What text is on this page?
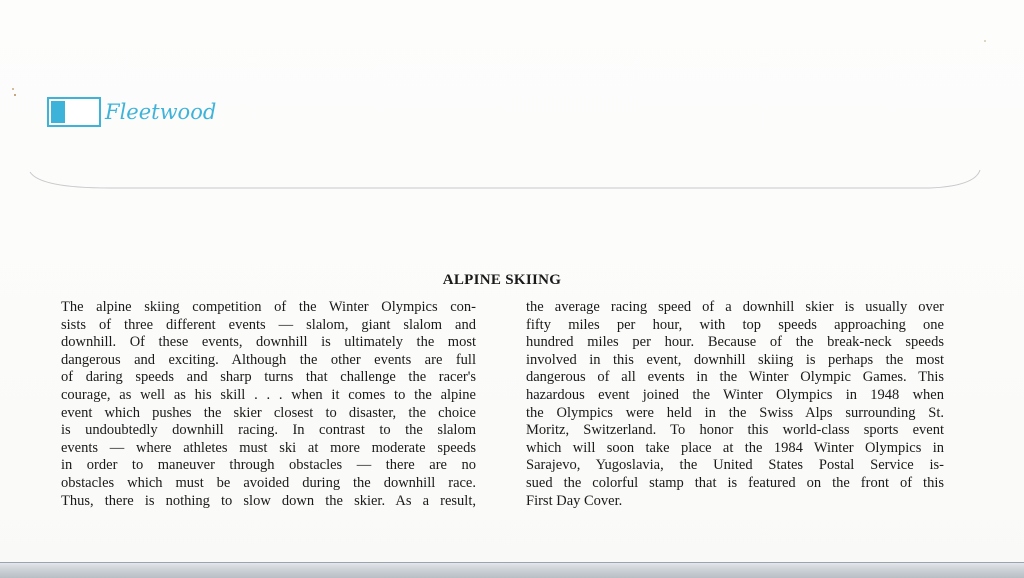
Fleetwood
ALPINE SKIING
The alpine skiing competition of the Winter Olympics con-
sists of three different events — slalom, giant slalom and
downhill. Of these events, downhill is ultimately the most
dangerous and exciting. Although the other events are full
of daring speeds and sharp turns that challenge the racer's
courage, as well as his skill . . . when it comes to the alpine
event which pushes the skier closest to disaster, the choice
is undoubtedly downhill racing. In contrast to the slalom
events — where athletes must ski at more moderate speeds
in order to maneuver through obstacles — there are no
obstacles which must be avoided during the downhill race.
Thus, there is nothing to slow down the skier. As a result,
the average racing speed of a downhill skier is usually over
fifty miles per hour, with top speeds approaching one
hundred miles per hour. Because of the break-neck speeds
involved in this event, downhill skiing is perhaps the most
dangerous of all events in the Winter Olympic Games. This
hazardous event joined the Winter Olympics in 1948 when
the Olympics were held in the Swiss Alps surrounding St.
Moritz, Switzerland. To honor this world-class sports event
which will soon take place at the 1984 Winter Olympics in
Sarajevo, Yugoslavia, the United States Postal Service is-
sued the colorful stamp that is featured on the front of this
First Day Cover.
